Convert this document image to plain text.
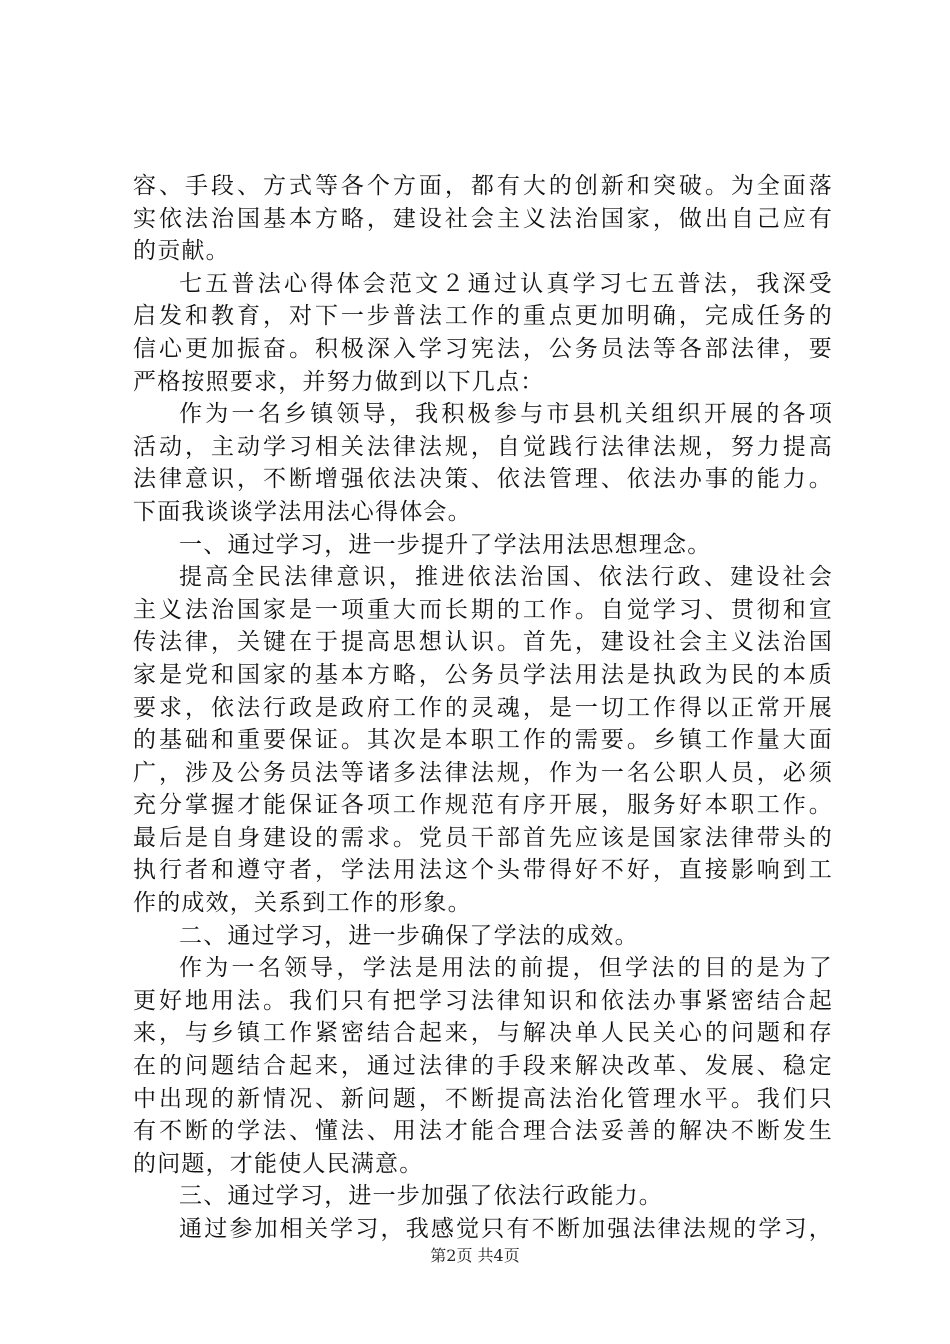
容、手段、方式等各个方面，都有大的创新和突破。为全面落
实依法治国基本方略，建设社会主义法治国家，做出自己应有
的贡献。
七五普法心得体会范文２通过认真学习七五普法，我深受
启发和教育，对下一步普法工作的重点更加明确，完成任务的
信心更加振奋。积极深入学习宪法，公务员法等各部法律，要
严格按照要求，并努力做到以下几点：
作为一名乡镇领导，我积极参与市县机关组织开展的各项
活动，主动学习相关法律法规，自觉践行法律法规，努力提高
法律意识，不断增强依法决策、依法管理、依法办事的能力。
下面我谈谈学法用法心得体会。
一、通过学习，进一步提升了学法用法思想理念。
提高全民法律意识，推进依法治国、依法行政、建设社会
主义法治国家是一项重大而长期的工作。自觉学习、贯彻和宣
传法律，关键在于提高思想认识。首先，建设社会主义法治国
家是党和国家的基本方略，公务员学法用法是执政为民的本质
要求，依法行政是政府工作的灵魂，是一切工作得以正常开展
的基础和重要保证。其次是本职工作的需要。乡镇工作量大面
广，涉及公务员法等诸多法律法规，作为一名公职人员，必须
充分掌握才能保证各项工作规范有序开展，服务好本职工作。
最后是自身建设的需求。党员干部首先应该是国家法律带头的
执行者和遵守者，学法用法这个头带得好不好，直接影响到工
作的成效，关系到工作的形象。
二、通过学习，进一步确保了学法的成效。
作为一名领导，学法是用法的前提，但学法的目的是为了
更好地用法。我们只有把学习法律知识和依法办事紧密结合起
来，与乡镇工作紧密结合起来，与解决单人民关心的问题和存
在的问题结合起来，通过法律的手段来解决改革、发展、稳定
中出现的新情况、新问题，不断提高法治化管理水平。我们只
有不断的学法、懂法、用法才能合理合法妥善的解决不断发生
的问题，才能使人民满意。
三、通过学习，进一步加强了依法行政能力。
通过参加相关学习，我感觉只有不断加强法律法规的学习，
第2页 共4页
